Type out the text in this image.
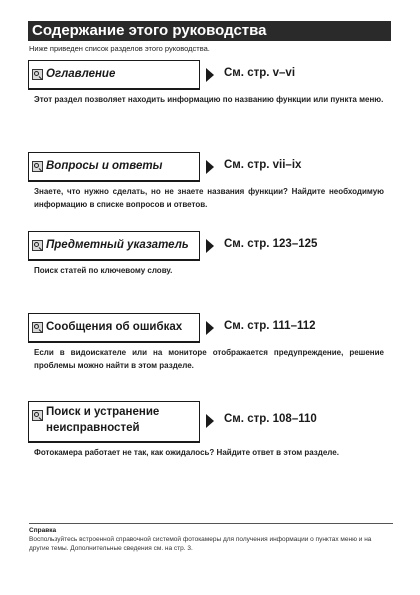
Содержание этого руководства
Ниже приведен список разделов этого руководства.
Оглавление	См. стр. v–vi
Этот раздел позволяет находить информацию по названию функции или пункта меню.
Вопросы и ответы	См. стр. vii–ix
Знаете, что нужно сделать, но не знаете названия функции? Найдите необходимую информацию в списке вопросов и ответов.
Предметный указатель	См. стр. 123–125
Поиск статей по ключевому слову.
Сообщения об ошибках	См. стр. 111–112
Если в видоискателе или на мониторе отображается предупреждение, решение проблемы можно найти в этом разделе.
Поиск и устранение
неисправностей
См. стр. 108–110
Фотокамера работает не так, как ожидалось? Найдите ответ в этом разделе.
Справка
Воспользуйтесь встроенной справочной системой фотокамеры для получения информации о пунктах меню и на другие темы. Дополнительные сведения см. на стр. 3.
